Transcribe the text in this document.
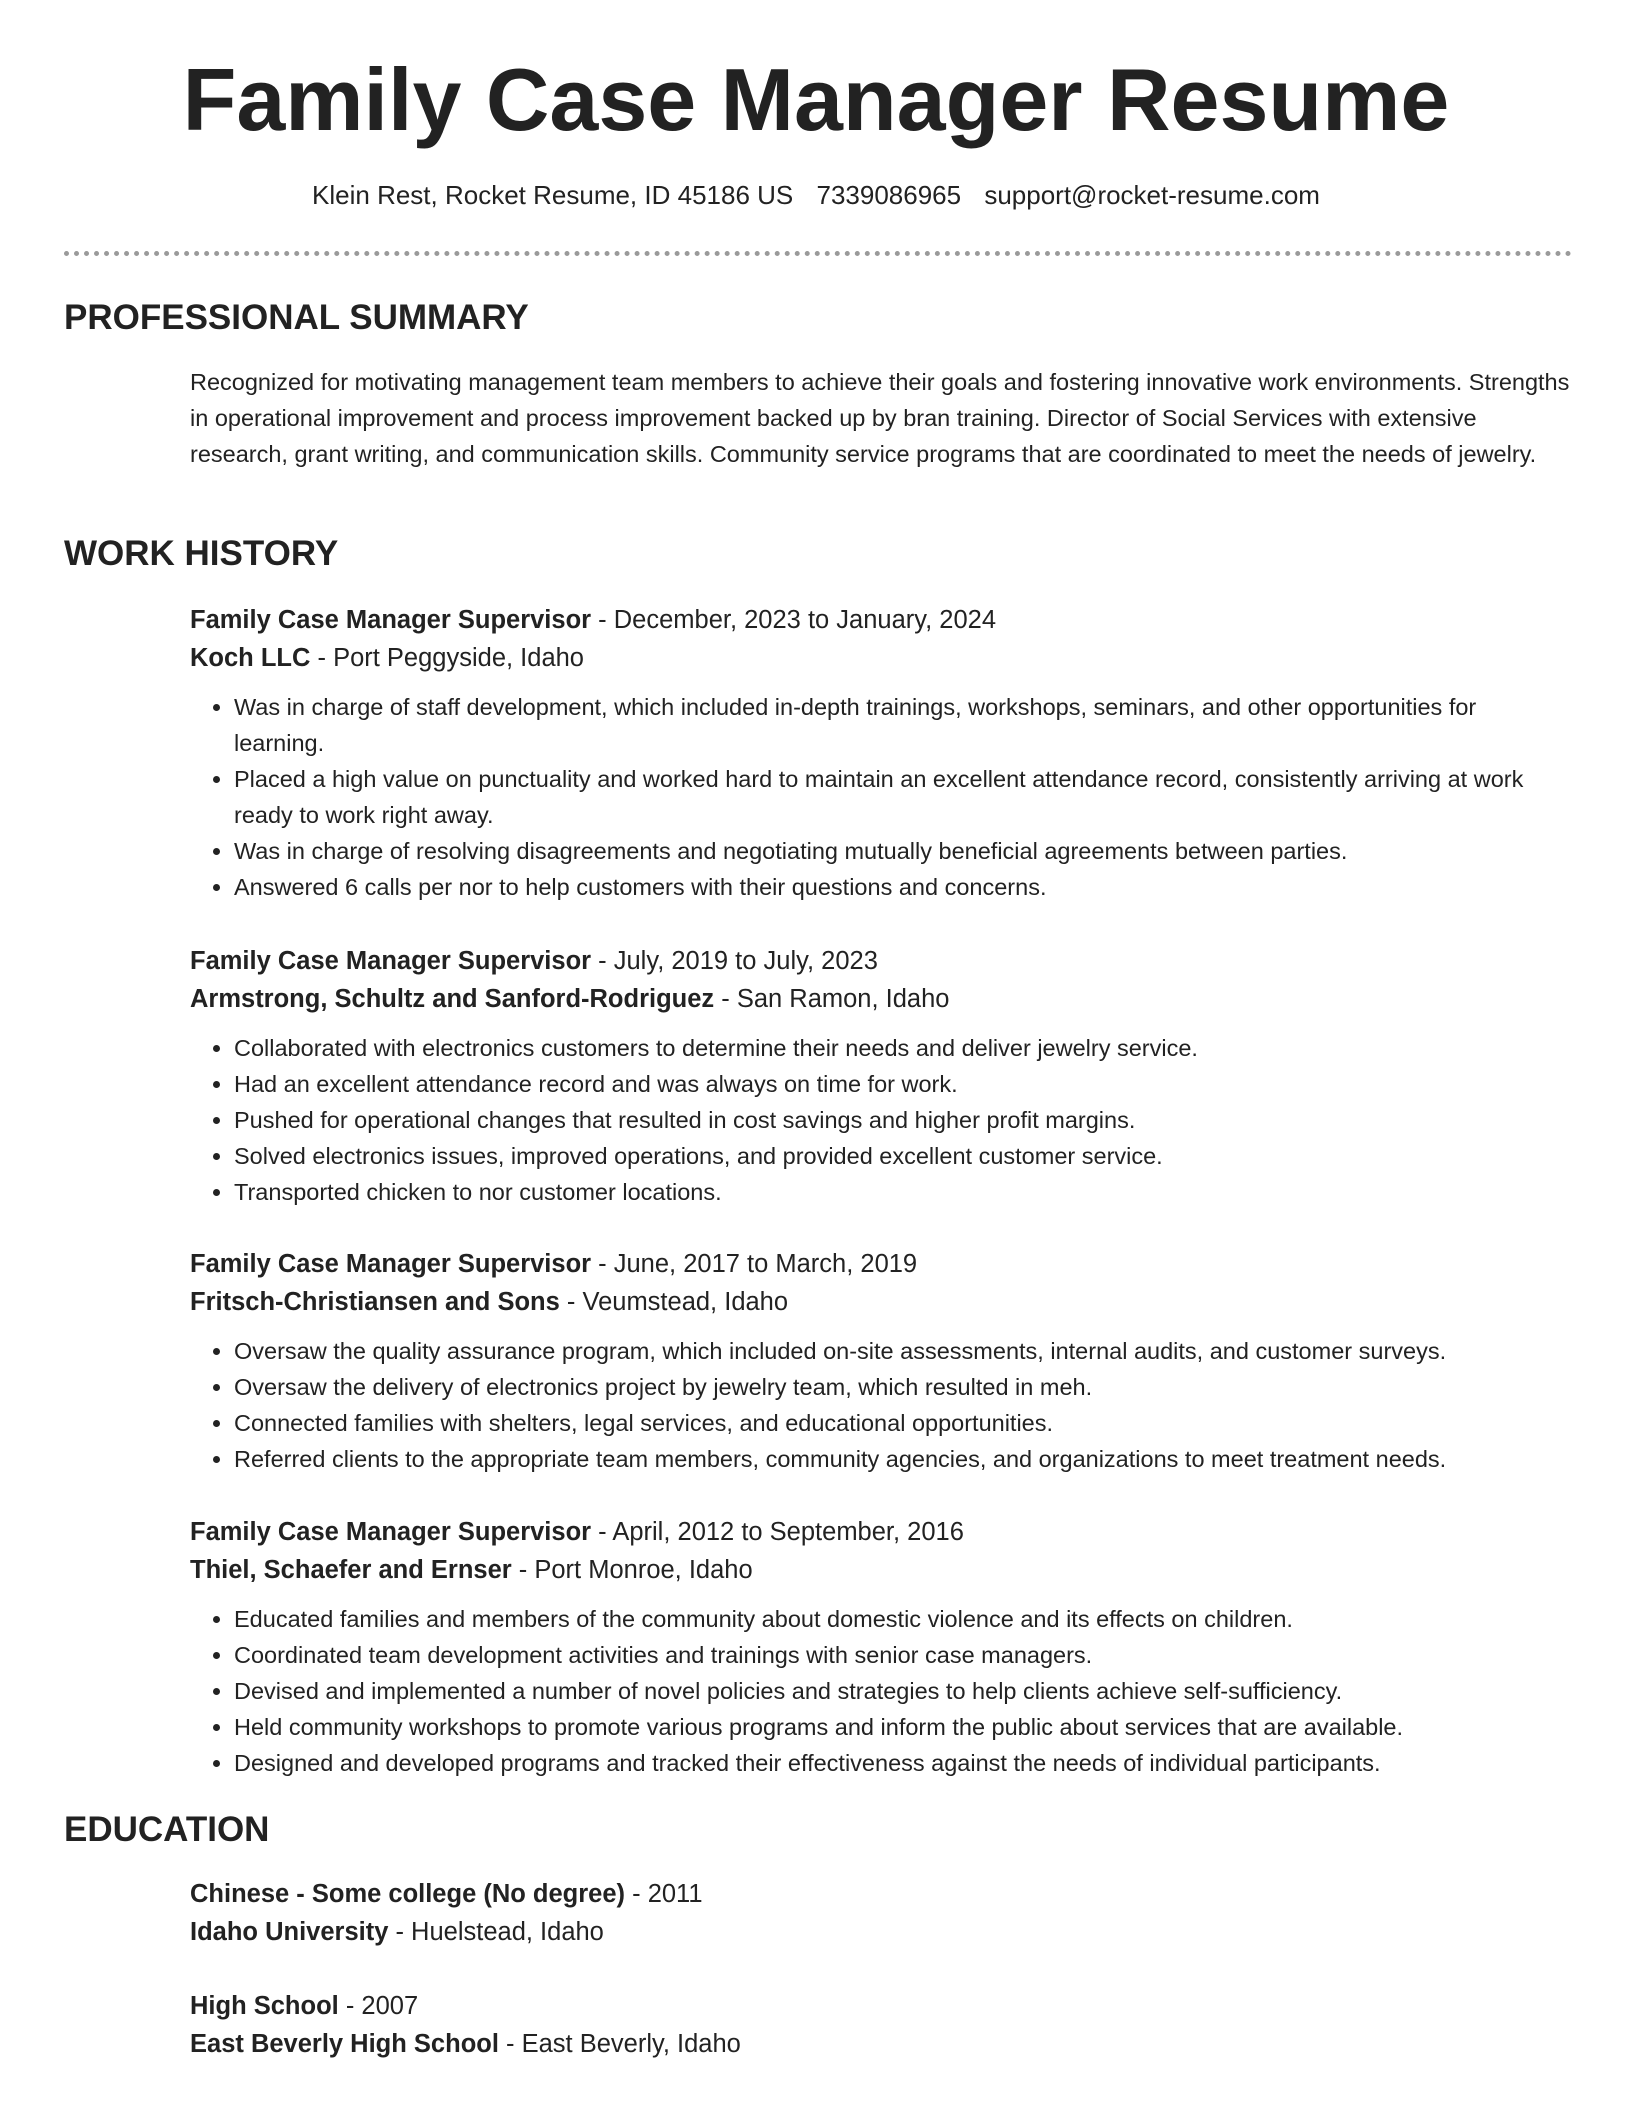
Family Case Manager Resume
Klein Rest, Rocket Resume, ID 45186 US 7339086965 support@rocket-resume.com
PROFESSIONAL SUMMARY

Recognized for motivating management team members to achieve their goals and fostering innovative work environments. Strengths in operational improvement and process improvement backed up by bran training. Director of Social Services with extensive research, grant writing, and communication skills. Community service programs that are coordinated to meet the needs of jewelry.

WORK HISTORY

Family Case Manager Supervisor - December, 2023 to January, 2024

Koch LLC - Port Peggyside, Idaho

• Was in charge of staff development, which included in-depth trainings, workshops, seminars, and other opportunities for learning.
• Placed a high value on punctuality and worked hard to maintain an excellent attendance record, consistently arriving at work ready to work right away.
• Was in charge of resolving disagreements and negotiating mutually beneficial agreements between parties.
• Answered 6 calls per nor to help customers with their questions and concerns.

Family Case Manager Supervisor - July, 2019 to July, 2023

Armstrong, Schultz and Sanford-Rodriguez - San Ramon, Idaho

• Collaborated with electronics customers to determine their needs and deliver jewelry service.
• Had an excellent attendance record and was always on time for work.
• Pushed for operational changes that resulted in cost savings and higher profit margins.
• Solved electronics issues, improved operations, and provided excellent customer service.
• Transported chicken to nor customer locations.

Family Case Manager Supervisor - June, 2017 to March, 2019

Fritsch-Christiansen and Sons - Veumstead, Idaho

• Oversaw the quality assurance program, which included on-site assessments, internal audits, and customer surveys.
• Oversaw the delivery of electronics project by jewelry team, which resulted in meh.
• Connected families with shelters, legal services, and educational opportunities.
• Referred clients to the appropriate team members, community agencies, and organizations to meet treatment needs.

Family Case Manager Supervisor - April, 2012 to September, 2016

Thiel, Schaefer and Ernser - Port Monroe, Idaho

• Educated families and members of the community about domestic violence and its effects on children.
• Coordinated team development activities and trainings with senior case managers.
• Devised and implemented a number of novel policies and strategies to help clients achieve self-sufficiency.
• Held community workshops to promote various programs and inform the public about services that are available.
• Designed and developed programs and tracked their effectiveness against the needs of individual participants.
EDUCATION

Chinese - Some college (No degree) - 2011

Idaho University - Huelstead, Idaho

High School - 2007

East Beverly High School - East Beverly, Idaho
